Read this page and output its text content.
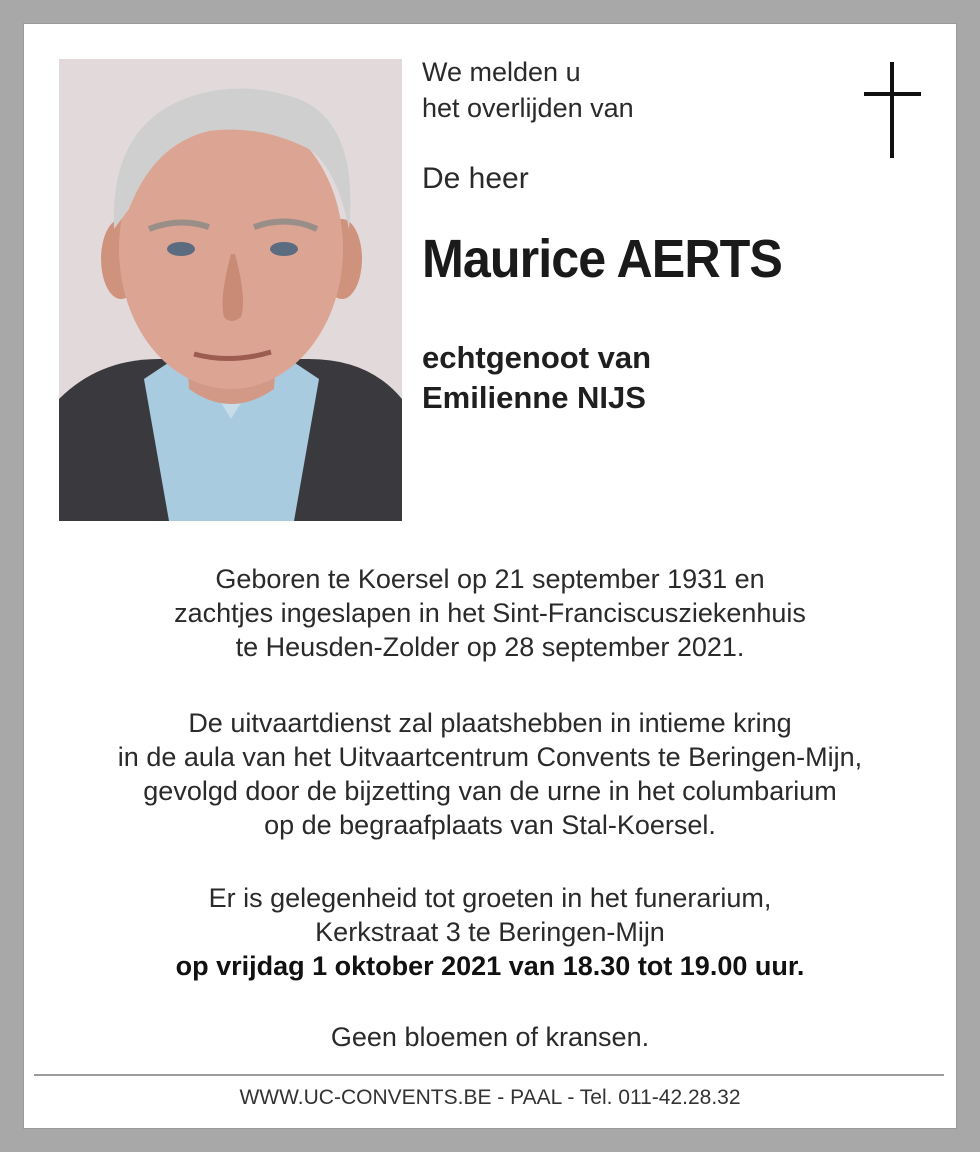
We melden u
het overlijden van
De heer
Maurice AERTS
echtgenoot van
Emilienne NIJS
Geboren te Koersel op 21 september 1931 en
zachtjes ingeslapen in het Sint-Franciscusziekenhuis
te Heusden-Zolder op 28 september 2021.
De uitvaartdienst zal plaatshebben in intieme kring
in de aula van het Uitvaartcentrum Convents te Beringen-Mijn,
gevolgd door de bijzetting van de urne in het columbarium
op de begraafplaats van Stal-Koersel.
Er is gelegenheid tot groeten in het funerarium,
Kerkstraat 3 te Beringen-Mijn
op vrijdag 1 oktober 2021 van 18.30 tot 19.00 uur.
Geen bloemen of kransen.
WWW.UC-CONVENTS.BE - PAAL - Tel. 011-42.28.32
